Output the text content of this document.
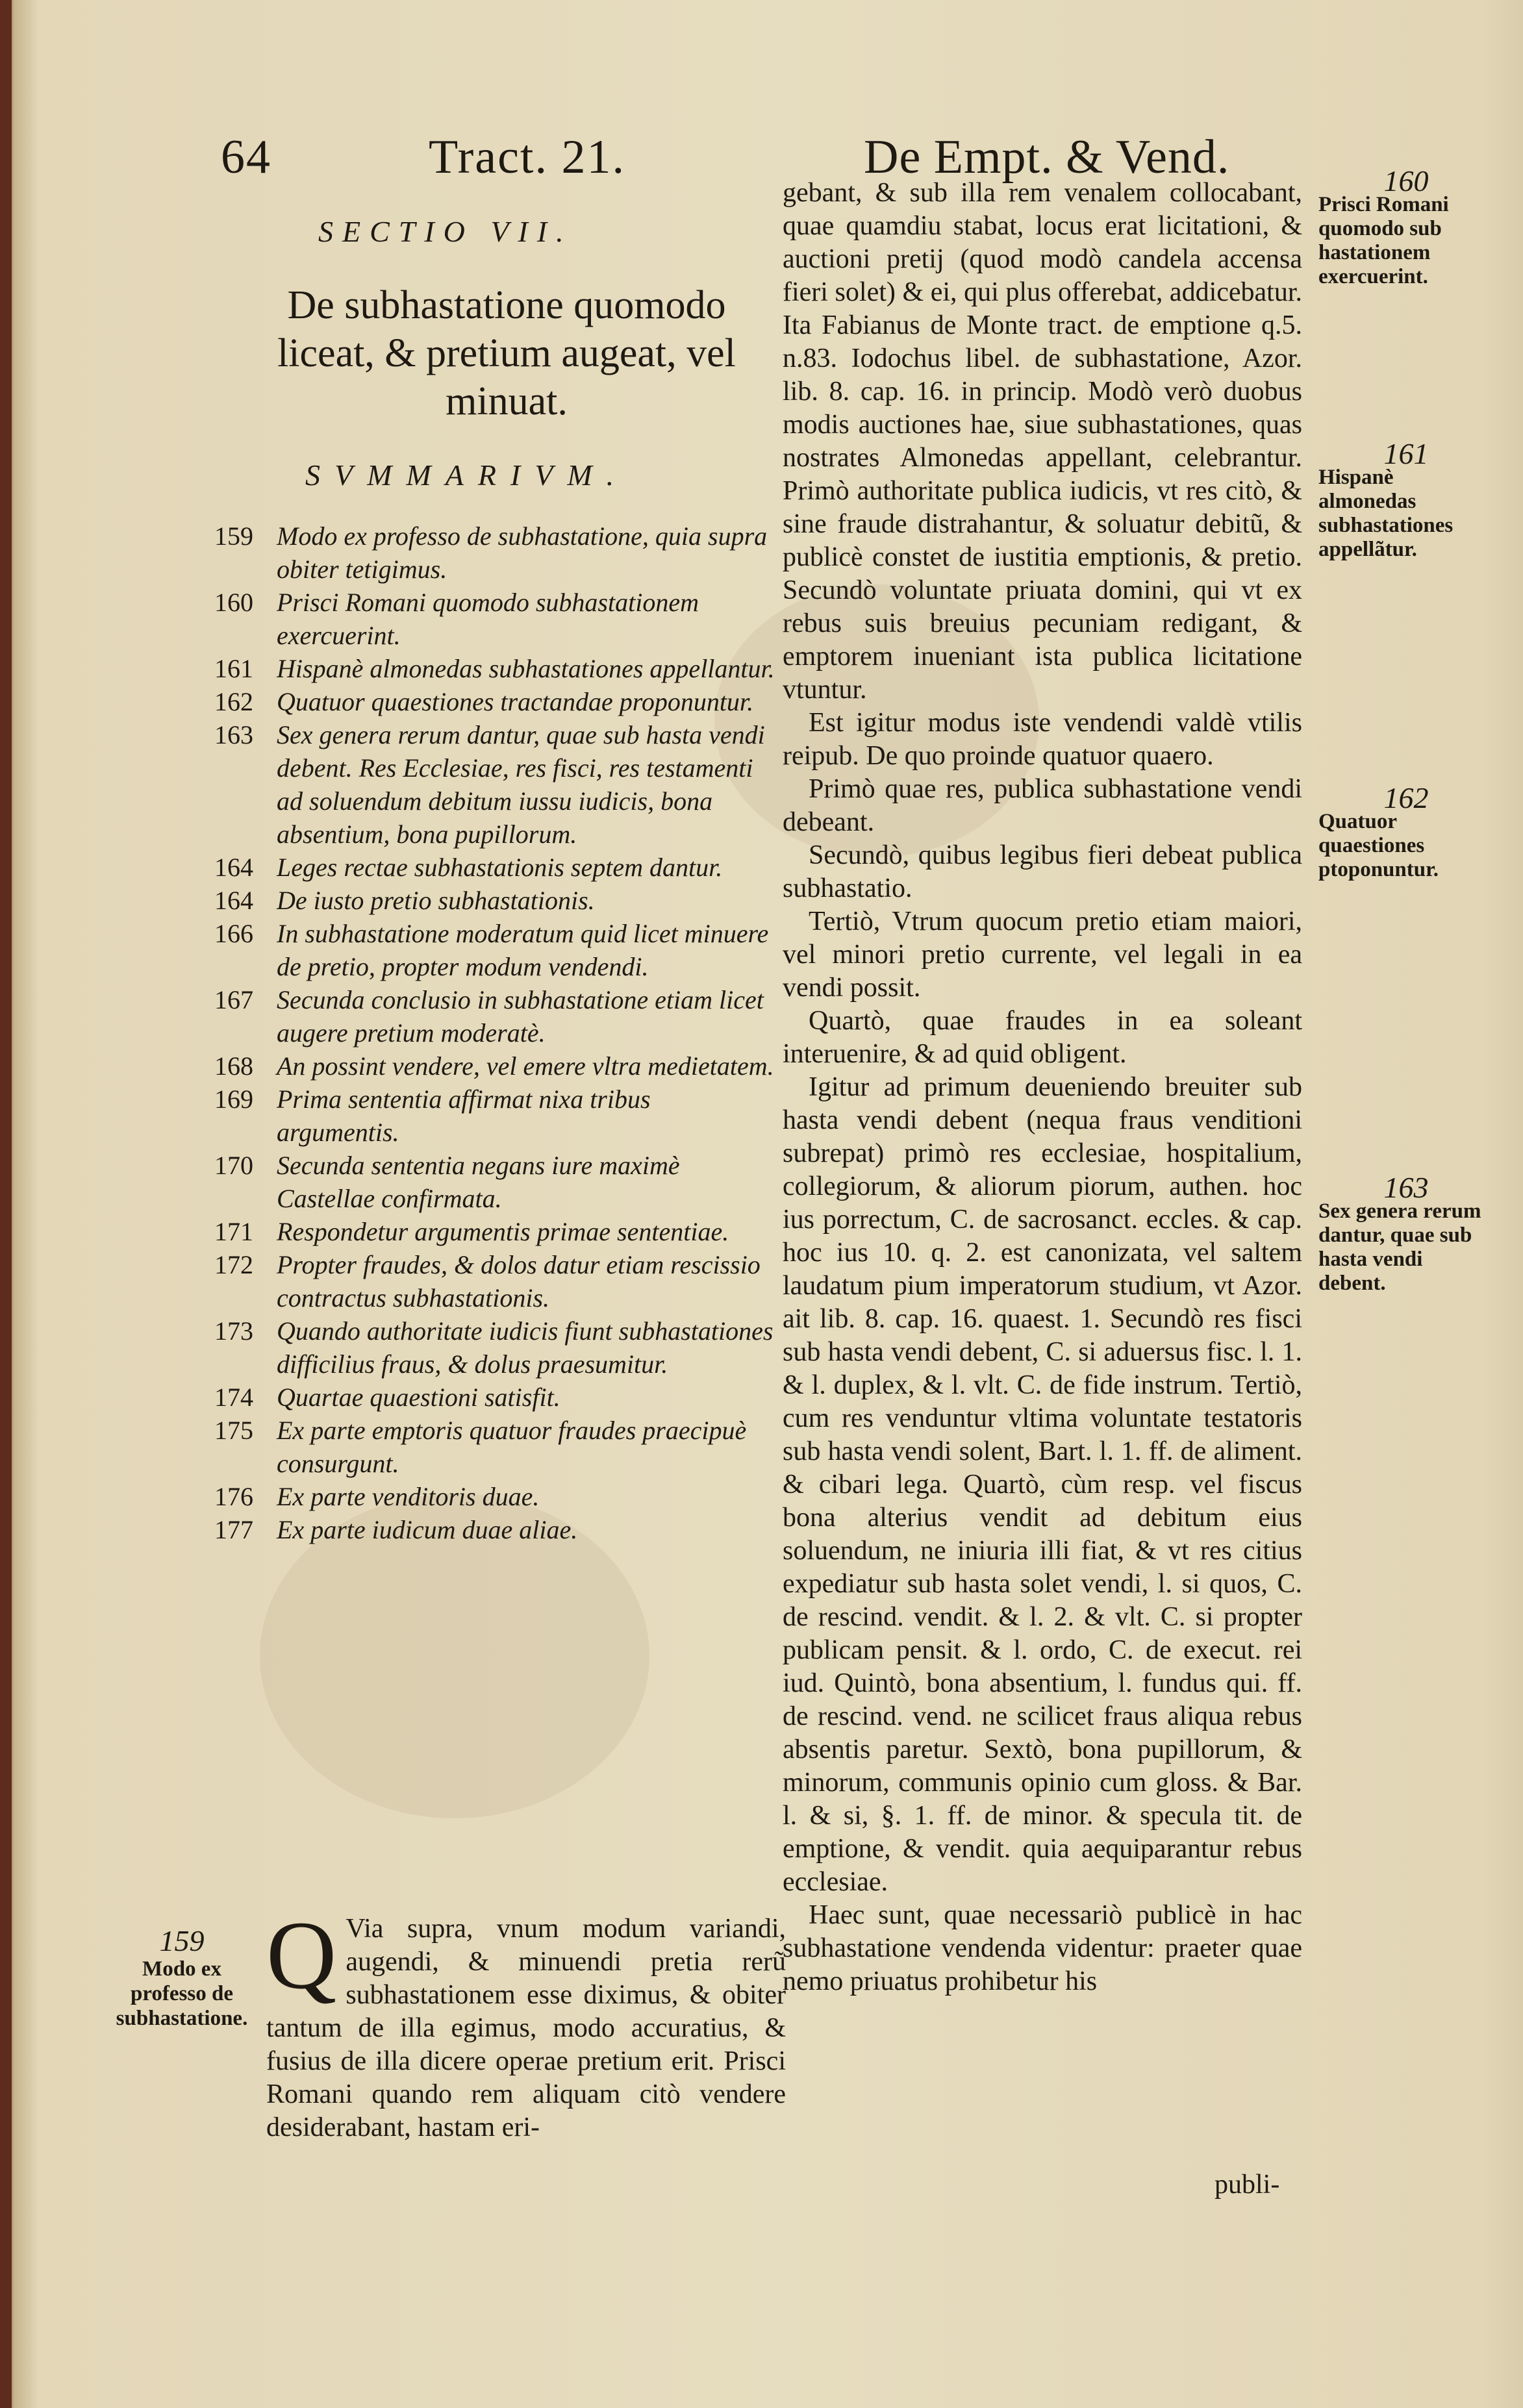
64	Tract. 21.	De Empt. & Vend.
SECTIO VII.
De subhastatione quomodo liceat, & pretium augeat, vel minuat.
SVMMARIVM.
159 Modo ex professo de subhastatione, quia supra obiter tetigimus.
160 Prisci Romani quomodo subhastationem exercuerint.
161 Hispanè almonedas subhastationes appellantur.
162 Quatuor quaestiones tractandae proponuntur.
163 Sex genera rerum dantur, quae sub hasta vendi debent. Res Ecclesiae, res fisci, res testamenti ad soluendum debitum iussu iudicis, bona absentium, bona pupillorum.
164 Leges rectae subhastationis septem dantur.
164 De iusto pretio subhastationis.
166 In subhastatione moderatum quid licet minuere de pretio, propter modum vendendi.
167 Secunda conclusio in subhastatione etiam licet augere pretium moderatè.
168 An possint vendere, vel emere vltra medietatem.
169 Prima sententia affirmat nixa tribus argumentis.
170 Secunda sententia negans iure maximè Castellae confirmata.
171 Respondetur argumentis primae sententiae.
172 Propter fraudes, & dolos datur etiam rescissio contractus subhastationis.
173 Quando authoritate iudicis fiunt subhastationes difficilius fraus, & dolus praesumitur.
174 Quartae quaestioni satisfit.
175 Ex parte emptoris quatuor fraudes praecipuè consurgunt.
176 Ex parte venditoris duae.
177 Ex parte iudicum duae aliae.
159
Modo ex professo de subhastatione.
Q Via supra, vnum modum variandi, augendi, & minuendi pretia rerũ subhastationem esse diximus, & obiter tantum de illa egimus, modo accuratius, & fusius de illa dicere operae pretium erit. Prisci Romani quando rem aliquam citò vendere desiderabant, hastam eri-

gebant, & sub illa rem venalem collocabant, quae quamdiu stabat, locus erat licitationi, & auctioni pretij (quod modò candela accensa fieri solet) & ei, qui plus offerebat, addicebatur. Ita Fabianus de Monte tract. de emptione q.5. n.83. Iodochus libel. de subhastatione, Azor. lib. 8. cap. 16. in princip. Modò verò duobus modis auctiones hae, siue subhastationes, quas nostrates Almonedas appellant, celebrantur. Primò authoritate publica iudicis, vt res citò, & sine fraude distrahantur, & soluatur debitũ, & publicè constet de iustitia emptionis, & pretio. Secundò voluntate priuata domini, qui vt ex rebus suis breuius pecuniam redigant, & emptorem inueniant ista publica licitatione vtuntur.

Est igitur modus iste vendendi valdè vtilis reipub. De quo proinde quatuor quaero.

Primò quae res, publica subhastatione vendi debeant.

Secundò, quibus legibus fieri debeat publica subhastatio.

Tertiò, Vtrum quocum pretio etiam maiori, vel minori pretio currente, vel legali in ea vendi possit.

Quartò, quae fraudes in ea soleant interuenire, & ad quid obligent.

Igitur ad primum deueniendo breuiter sub hasta vendi debent (nequa fraus venditioni subrepat) primò res ecclesiae, hospitalium, collegiorum, & aliorum piorum, authen. hoc ius porrectum, C. de sacrosanct. eccles. & cap. hoc ius 10. q. 2. est canonizata, vel saltem laudatum pium imperatorum studium, vt Azor. ait lib. 8. cap. 16. quaest. 1. Secundò res fisci sub hasta vendi debent, C. si aduersus fisc. l. 1. & l. duplex, & l. vlt. C. de fide instrum. Tertiò, cum res venduntur vltima voluntate testatoris sub hasta vendi solent, Bart. l. 1. ff. de aliment. & cibari lega. Quartò, cùm resp. vel fiscus bona alterius vendit ad debitum eius soluendum, ne iniuria illi fiat, & vt res citius expediatur sub hasta solet vendi, l. si quos, C. de rescind. vendit. & l. 2. & vlt. C. si propter publicam pensit. & l. ordo, C. de execut. rei iud. Quintò, bona absentium, l. fundus qui. ff. de rescind. vend. ne scilicet fraus aliqua rebus absentis paretur. Sextò, bona pupillorum, & minorum, communis opinio cum gloss. & Bar. l. & si, §. 1. ff. de minor. & specula tit. de emptione, & vendit. quia aequiparantur rebus ecclesiae.

Haec sunt, quae necessariò publicè in hac subhastatione vendenda videntur: praeter quae nemo priuatus prohibetur his

160
Prisci Romani quomodo sub hastationem exercuerint.
161
Hispanè almonedas subhastationes appellãtur.
162
Quatuor quaestiones ptoponuntur.
163
Sex genera rerum dantur, quae sub hasta vendi debent.
publi-
